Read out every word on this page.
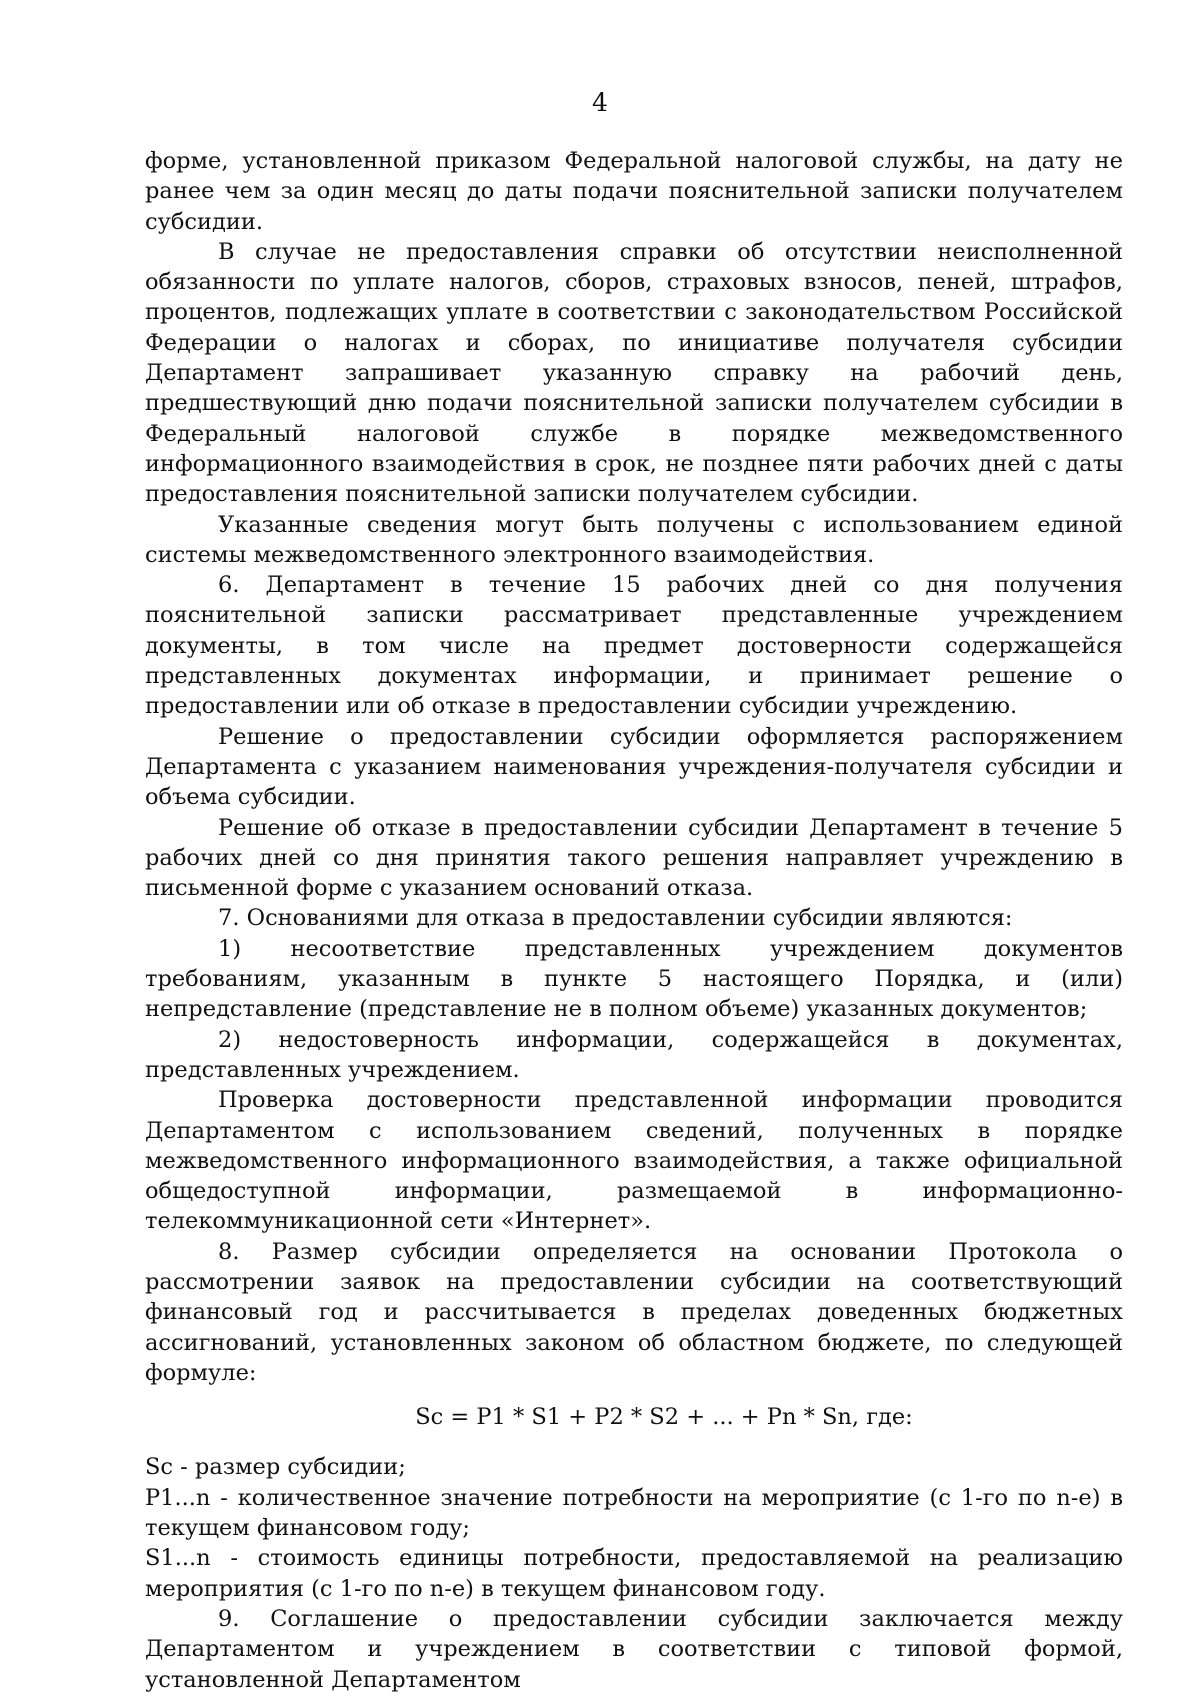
4

форме, установленной приказом Федеральной налоговой службы, на дату не ранее чем за один месяц до даты подачи пояснительной записки получателем субсидии.

В случае не предоставления справки об отсутствии неисполненной обязанности по уплате налогов, сборов, страховых взносов, пеней, штрафов, процентов, подлежащих уплате в соответствии с законодательством Российской Федерации о налогах и сборах, по инициативе получателя субсидии Департамент запрашивает указанную справку на рабочий день, предшествующий дню подачи пояснительной записки получателем субсидии в Федеральный налоговой службе в порядке межведомственного информационного взаимодействия в срок, не позднее пяти рабочих дней с даты предоставления пояснительной записки получателем субсидии.

Указанные сведения могут быть получены с использованием единой системы межведомственного электронного взаимодействия.

6. Департамент в течение 15 рабочих дней со дня получения пояснительной записки рассматривает представленные учреждением документы, в том числе на предмет достоверности содержащейся представленных документах информации, и принимает решение о предоставлении или об отказе в предоставлении субсидии учреждению.

Решение о предоставлении субсидии оформляется распоряжением Департамента с указанием наименования учреждения-получателя субсидии и объема субсидии.

Решение об отказе в предоставлении субсидии Департамент в течение 5 рабочих дней со дня принятия такого решения направляет учреждению в письменной форме с указанием оснований отказа.

7. Основаниями для отказа в предоставлении субсидии являются:

1) несоответствие представленных учреждением документов требованиям, указанным в пункте 5 настоящего Порядка, и (или) непредставление (представление не в полном объеме) указанных документов;

2) недостоверность информации, содержащейся в документах, представленных учреждением.

Проверка достоверности представленной информации проводится Департаментом с использованием сведений, полученных в порядке межведомственного информационного взаимодействия, а также официальной общедоступной информации, размещаемой в информационно-телекоммуникационной сети «Интернет».

8. Размер субсидии определяется на основании Протокола о рассмотрении заявок на предоставлении субсидии на соответствующий финансовый год и рассчитывается в пределах доведенных бюджетных ассигнований, установленных законом об областном бюджете, по следующей формуле:

Sc = P1 * S1 + P2 * S2 + ... + Pn * Sn, где:

Sc - размер субсидии;

P1...n - количественное значение потребности на мероприятие (с 1-го по n-е) в текущем финансовом году;

S1...n - стоимость единицы потребности, предоставляемой на реализацию мероприятия (с 1-го по n-е) в текущем финансовом году.

9. Соглашение о предоставлении субсидии заключается между Департаментом и учреждением в соответствии с типовой формой, установленной Департаментом
